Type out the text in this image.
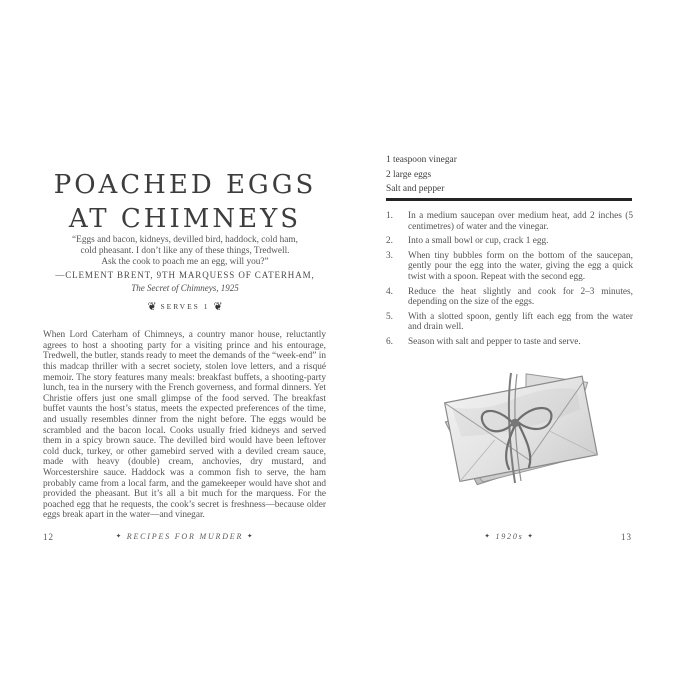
POACHED EGGS
AT CHIMNEYS
“Eggs and bacon, kidneys, devilled bird, haddock, cold ham,
cold pheasant. I don’t like any of these things, Tredwell.
Ask the cook to poach me an egg, will you?”
—CLEMENT BRENT, 9TH MARQUESS OF CATERHAM,
The Secret of Chimneys, 1925
❦ SERVES 1 ❦

When Lord Caterham of Chimneys, a country manor house, reluctantly agrees to host a shooting party for a visiting prince and his entourage, Tredwell, the butler, stands ready to meet the demands of the “week-end” in this madcap thriller with a secret society, stolen love letters, and a risqué memoir. The story features many meals: breakfast buffets, a shooting-party lunch, tea in the nursery with the French governess, and formal dinners. Yet Christie offers just one small glimpse of the food served. The breakfast buffet vaunts the host’s status, meets the expected preferences of the time, and usually resembles dinner from the night before. The eggs would be scrambled and the bacon local. Cooks usually fried kidneys and served them in a spicy brown sauce. The devilled bird would have been leftover cold duck, turkey, or other gamebird served with a deviled cream sauce, made with heavy (double) cream, anchovies, dry mustard, and Worcestershire sauce. Haddock was a common fish to serve, the ham probably came from a local farm, and the gamekeeper would have shot and provided the pheasant. But it’s all a bit much for the marquess. For the poached egg that he requests, the cook’s secret is freshness—because older eggs break apart in the water—and vinegar.

12	✦ RECIPES FOR MURDER ✦
1 teaspoon vinegar
2 large eggs
Salt and pepper
1.	In a medium saucepan over medium heat, add 2 inches (5 centimetres) of water and the vinegar.
2.	Into a small bowl or cup, crack 1 egg.
3.	When tiny bubbles form on the bottom of the saucepan, gently pour the egg into the water, giving the egg a quick twist with a spoon. Repeat with the second egg.
4.	Reduce the heat slightly and cook for 2–3 minutes, depending on the size of the eggs.
5.	With a slotted spoon, gently lift each egg from the water and drain well.
6.	Season with salt and pepper to taste and serve.
✦ 1920s ✦	13
